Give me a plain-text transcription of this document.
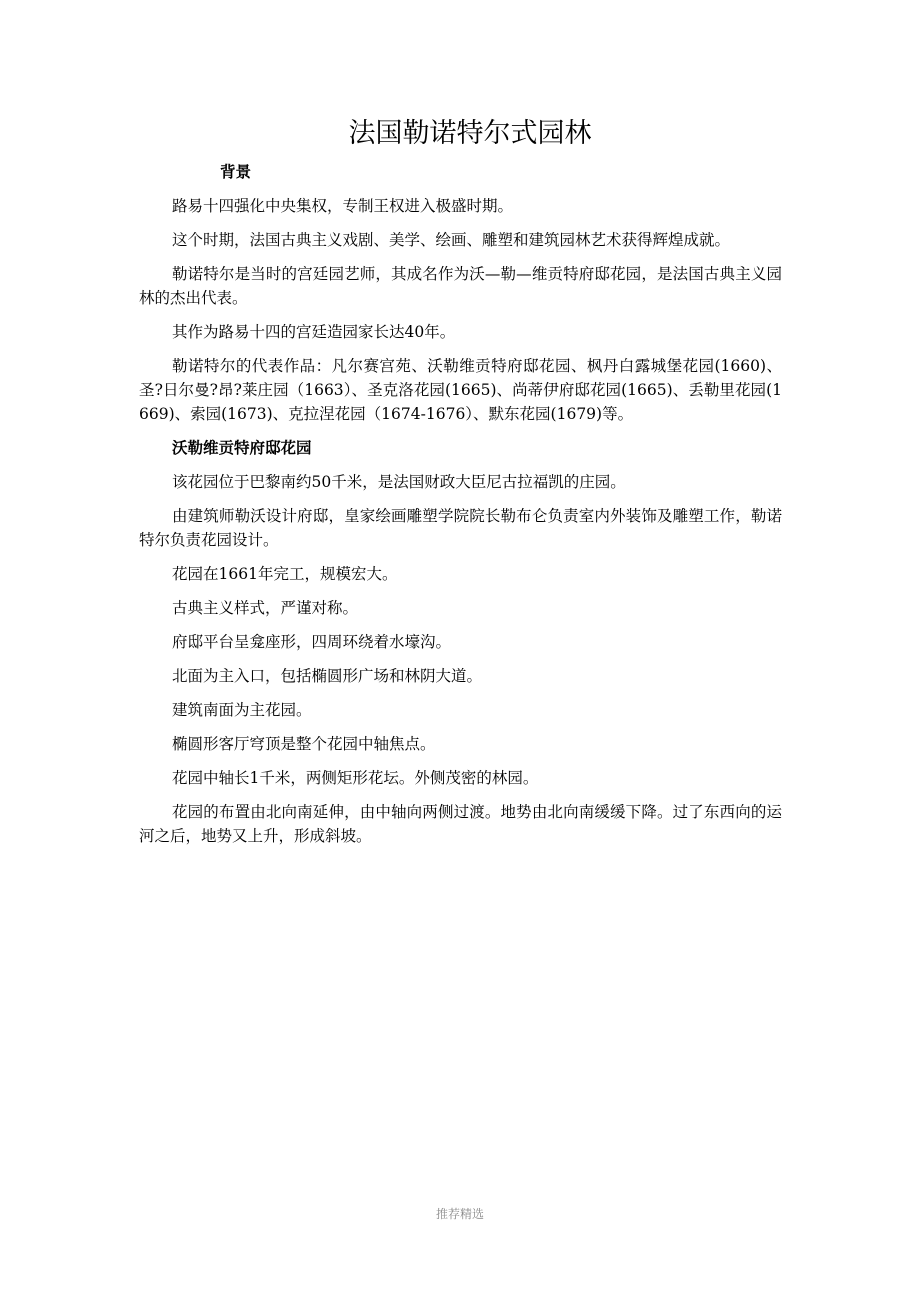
法国勒诺特尔式园林
背景

路易十四强化中央集权，专制王权进入极盛时期。

这个时期，法国古典主义戏剧、美学、绘画、雕塑和建筑园林艺术获得辉煌成就。

勒诺特尔是当时的宫廷园艺师，其成名作为沃—勒—维贡特府邸花园，是法国古典主义园林的杰出代表。

其作为路易十四的宫廷造园家长达40年。

勒诺特尔的代表作品：凡尔赛宫苑、沃勒维贡特府邸花园、枫丹白露城堡花园(1660)、圣?日尔曼?昂?莱庄园（1663）、圣克洛花园(1665)、尚蒂伊府邸花园(1665)、丢勒里花园(1669)、索园(1673)、克拉涅花园（1674-1676）、默东花园(1679)等。

沃勒维贡特府邸花园

该花园位于巴黎南约50千米，是法国财政大臣尼古拉福凯的庄园。

由建筑师勒沃设计府邸，皇家绘画雕塑学院院长勒布仑负责室内外装饰及雕塑工作，勒诺特尔负责花园设计。

花园在1661年完工，规模宏大。

古典主义样式，严谨对称。

府邸平台呈龛座形，四周环绕着水壕沟。

北面为主入口，包括椭圆形广场和林阴大道。

建筑南面为主花园。

椭圆形客厅穹顶是整个花园中轴焦点。

花园中轴长1千米，两侧矩形花坛。外侧茂密的林园。

花园的布置由北向南延伸，由中轴向两侧过渡。地势由北向南缓缓下降。过了东西向的运河之后，地势又上升，形成斜坡。

推荐精选
